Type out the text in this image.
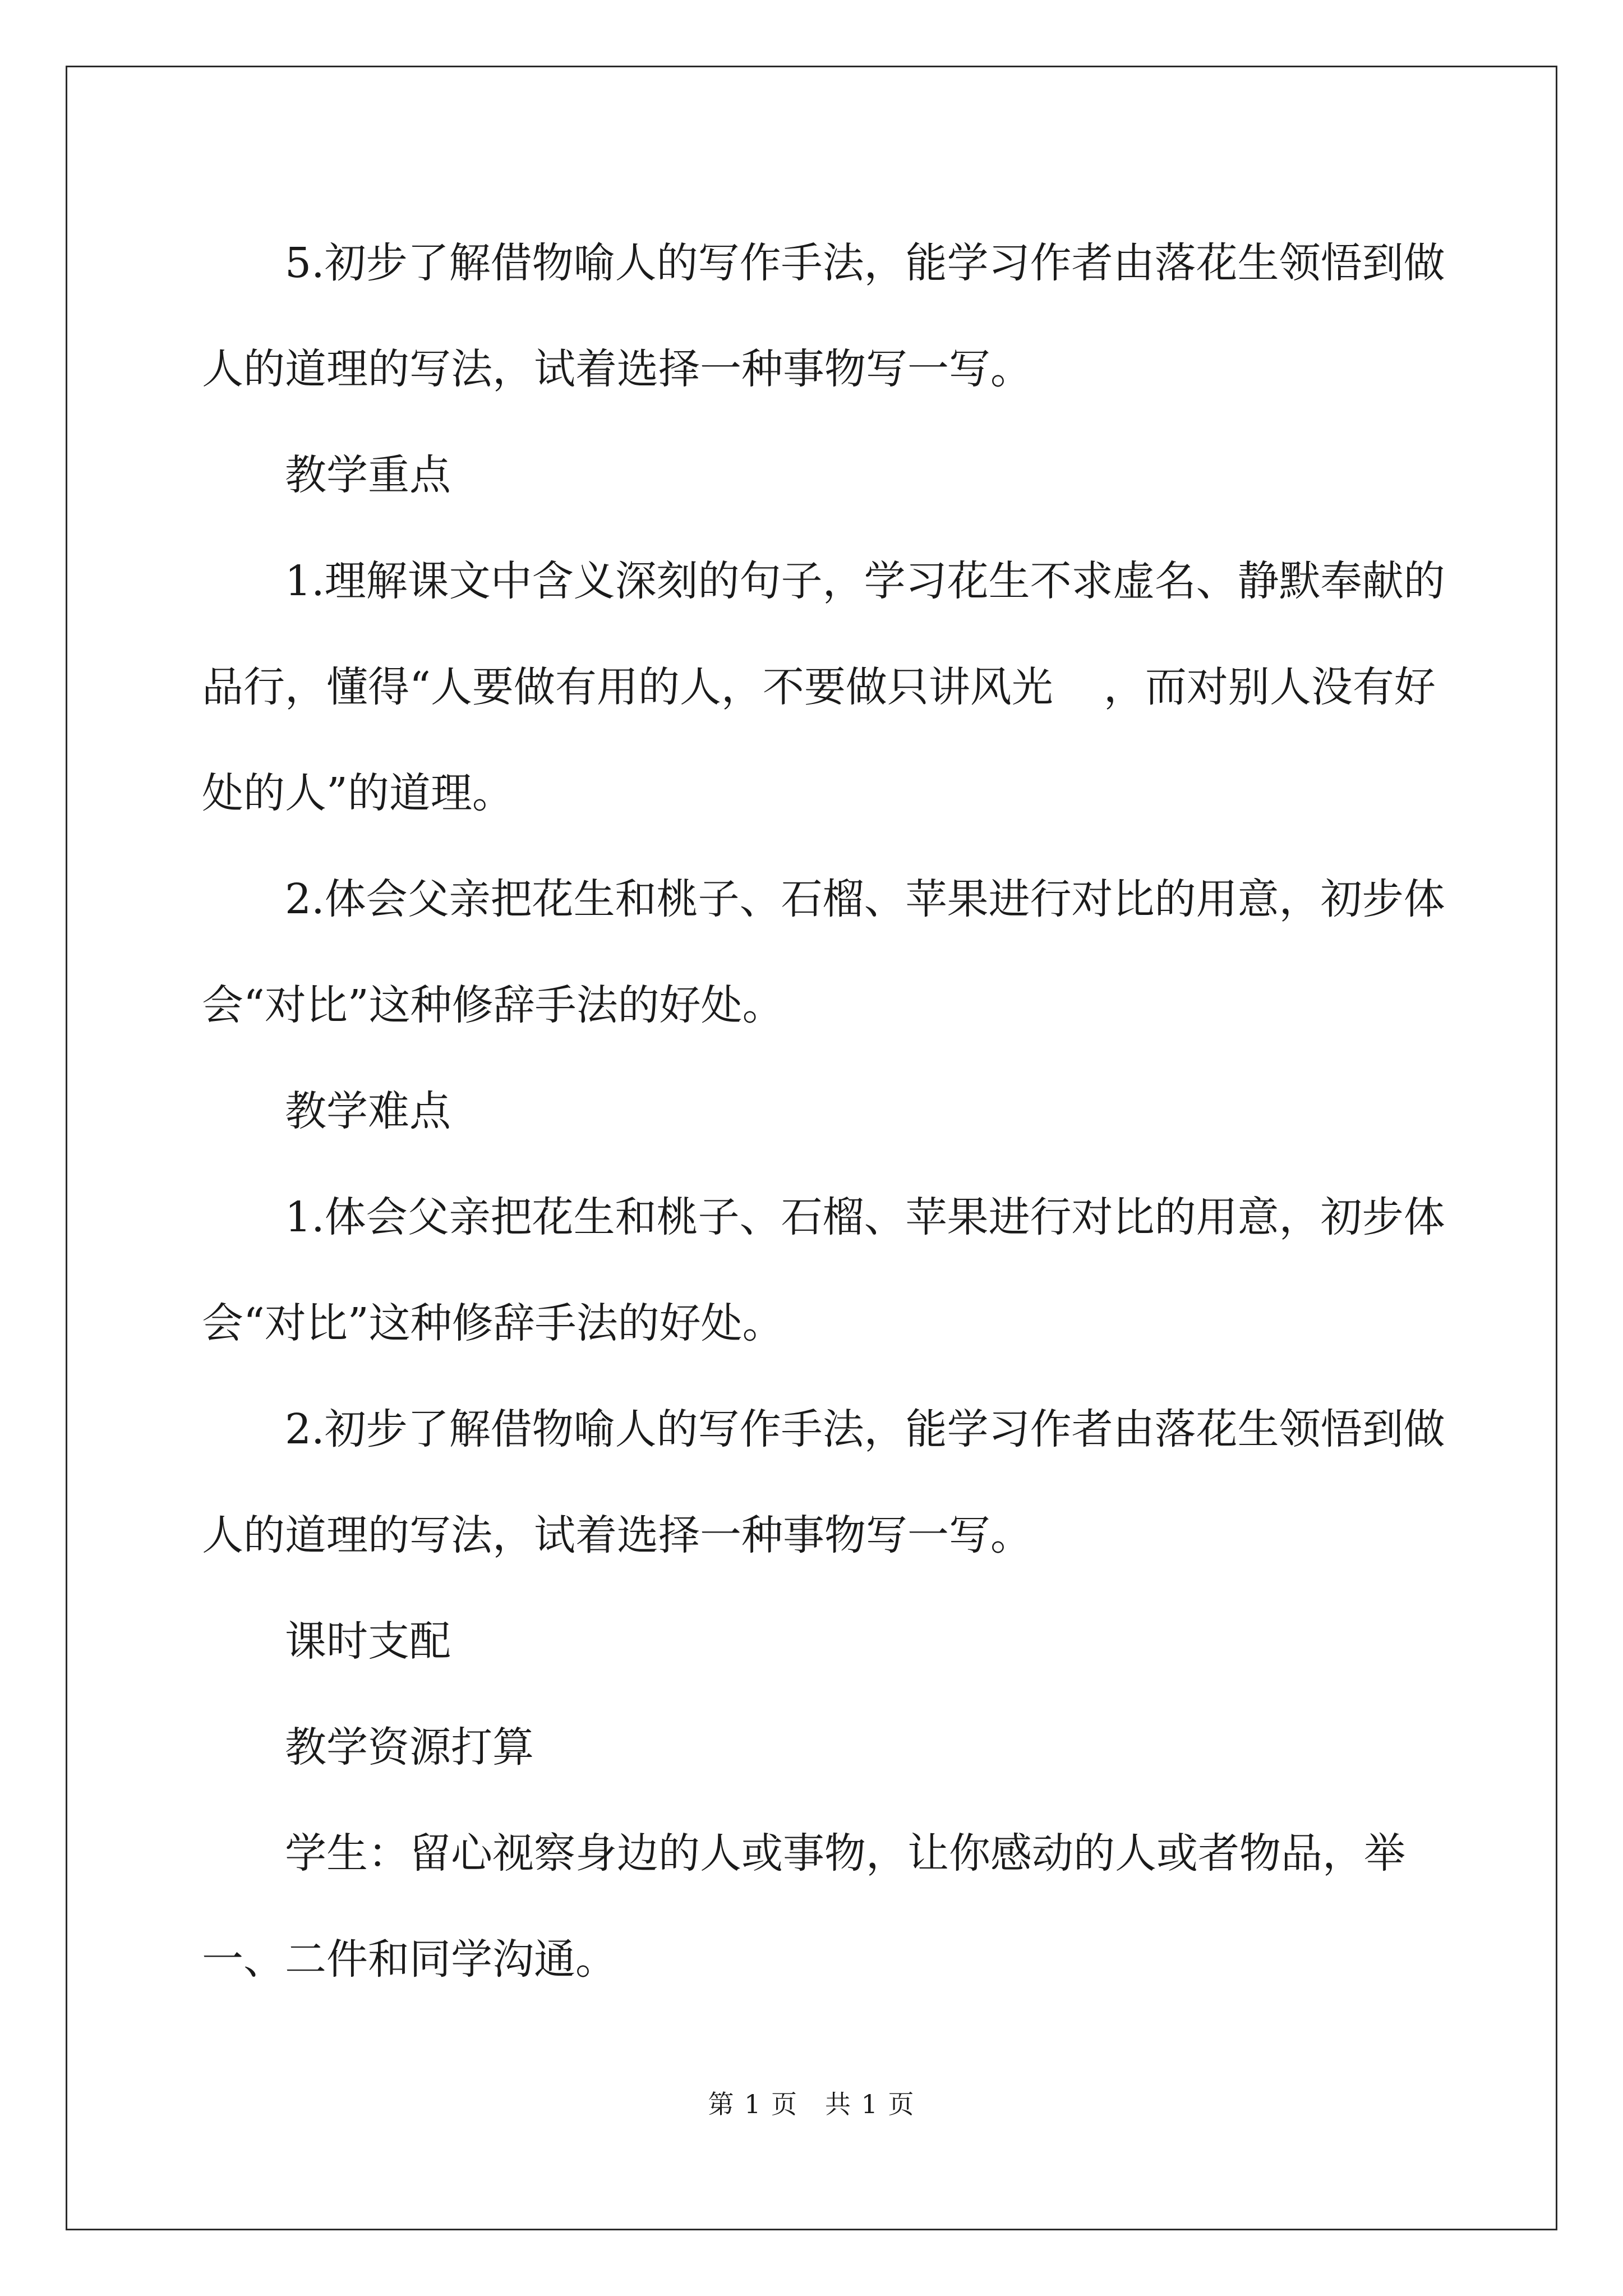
5.初步了解借物喻人的写作手法，能学习作者由落花生领悟到做人的道理的写法，试着选择一种事物写一写。

教学重点

1.理解课文中含义深刻的句子，学习花生不求虚名、静默奉献的品行，懂得“人要做有用的人，不要做只讲风光 ，而对别人没有好处的人”的道理。

2.体会父亲把花生和桃子、石榴、苹果进行对比的用意，初步体会“对比”这种修辞手法的好处。

教学难点

1.体会父亲把花生和桃子、石榴、苹果进行对比的用意，初步体会“对比”这种修辞手法的好处。

2.初步了解借物喻人的写作手法，能学习作者由落花生领悟到做人的道理的写法，试着选择一种事物写一写。

课时支配

教学资源打算

学生：留心视察身边的人或事物，让你感动的人或者物品，举一、二件和同学沟通。

第 1 页　 共 1 页
